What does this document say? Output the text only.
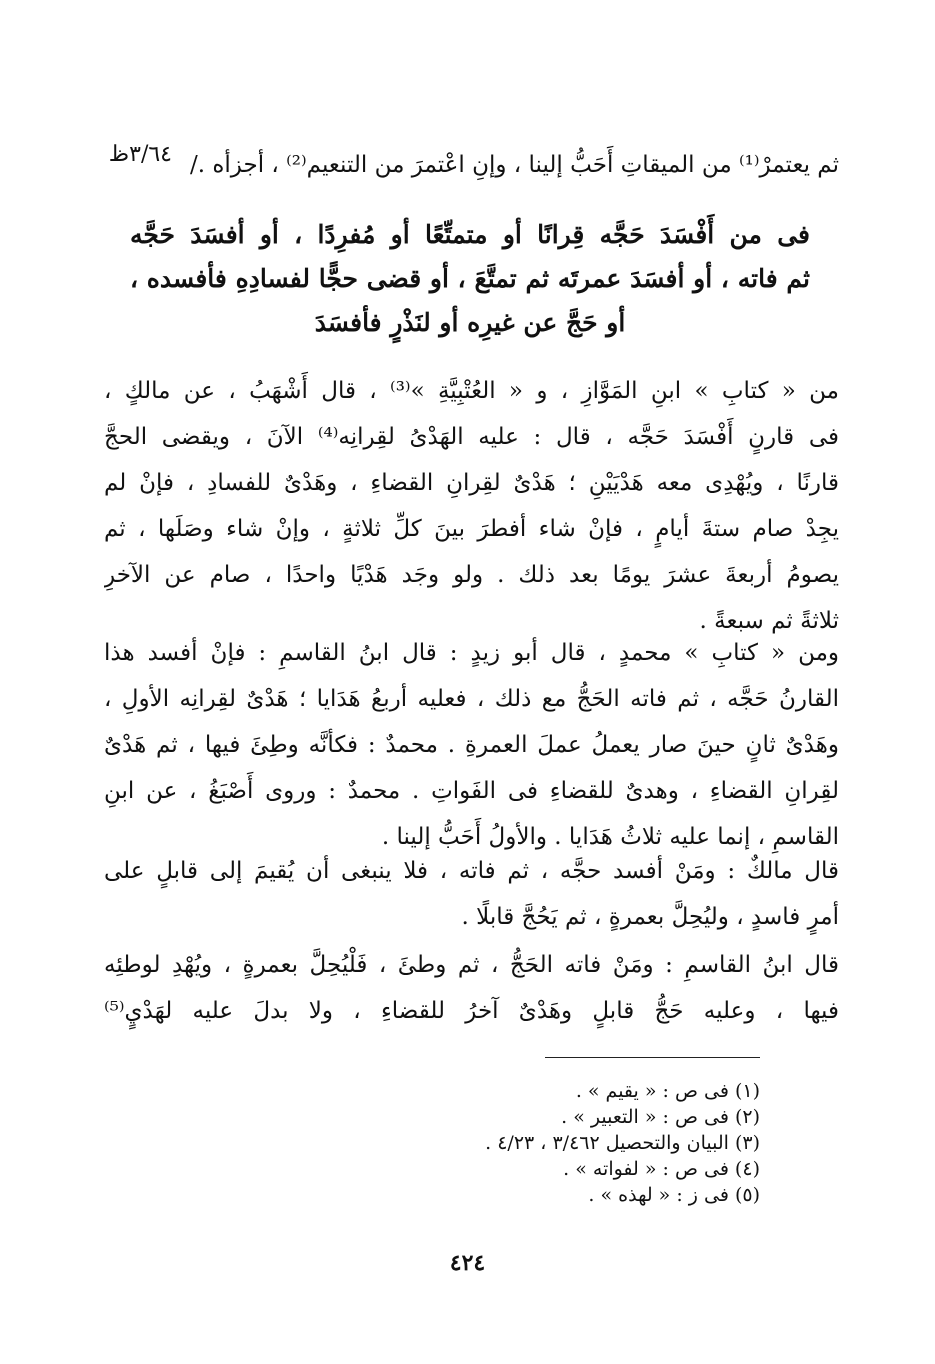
٣/٦٤ظ ثم يعتمرْ⁽¹⁾ من الميقاتِ أَحَبُّ إلينا ، وإنِ اعْتمرَ من التنعيم⁽²⁾ ، أجزأه ./
فى من أَفْسَدَ حَجَّه قِرانًا أو متمتِّعًا أو مُفرِدًا ، أو أفسَدَ حَجَّه
ثم فاته ، أو أفسَدَ عمرتَه ثم تمتَّعَ ، أو قضى حجًّا لفسادِهِ فأفسده ،
أو حَجَّ عن غيرِه أو لنَذْرٍ فأفسَدَ
من « كتابِ » ابنِ المَوَّازِ ، و « العُتْبِيَّةِ »⁽³⁾ ، قال أَشْهَبُ ، عن مالكٍ ،
فى قارنٍ أَفْسَدَ حَجَّه ، قال : عليه الهَدْىُ لقِرانِه⁽⁴⁾ الآنَ ، ويقضى الحجَّ
قارنًا ، ويُهْدِى معه هَدْيَيْنِ ؛ هَدْىٌ لقِرانِ القضاءِ ، وهَدْىٌ للفسادِ ، فإنْ لم
يجِدْ صام ستةَ أيامٍ ، فإنْ شاء أفطرَ بينَ كلِّ ثلاثةٍ ، وإنْ شاء وصَلَها ، ثم
يصومُ أربعةَ عشرَ يومًا بعد ذلك . ولو وجَد هَدْيًا واحدًا ، صام عن الآخرِ
ثلاثةً ثم سبعةً .
ومن « كتابِ » محمدٍ ، قال أبو زيدٍ : قال ابنُ القاسمِ : فإنْ أفسد هذا
القارنُ حَجَّه ، ثم فاته الحَجُّ مع ذلك ، فعليه أربعُ هَدَايا ؛ هَدْىٌ لقِرانِه الأولِ ،
وهَدْىٌ ثانٍ حينَ صار يعملُ عملَ العمرةِ . محمدٌ : فكأنَّه وطِئَ فيها ، ثم هَدْىٌ
لقِرانِ القضاءِ ، وهدىٌ للقضاءِ فى الفَواتِ . محمدٌ : وروى أَصْبَغُ ، عن ابنِ
القاسمِ ، إنما عليه ثلاثُ هَدَايا . والأولُ أَحَبُّ إلينا .
قال مالكٌ : ومَنْ أفسد حجَّه ، ثم فاته ، فلا ينبغى أن يُقيمَ إلى قابلٍ على
أمرٍ فاسدٍ ، وليُحِلَّ بعمرةٍ ، ثم يَحُجَّ قابلًا .
قال ابنُ القاسمِ : ومَنْ فاته الحَجُّ ، ثم وطئَ ، فَلْيُحِلَّ بعمرةٍ ، ويُهْدِ لوطئِه
فيها ، وعليه حَجُّ قابلٍ وهَدْىٌ آخرُ للقضاءِ ، ولا بدلَ عليه لهَدْيٍ⁽⁵⁾
(١) فى ص : « يقيم » .
(٢) فى ص : « التعبير » .
(٣) البيان والتحصيل ٣/٤٦٢ ، ٤/٢٣ .
(٤) فى ص : « لفواته » .
(٥) فى ز : « لهذه » .
٤٢٤
